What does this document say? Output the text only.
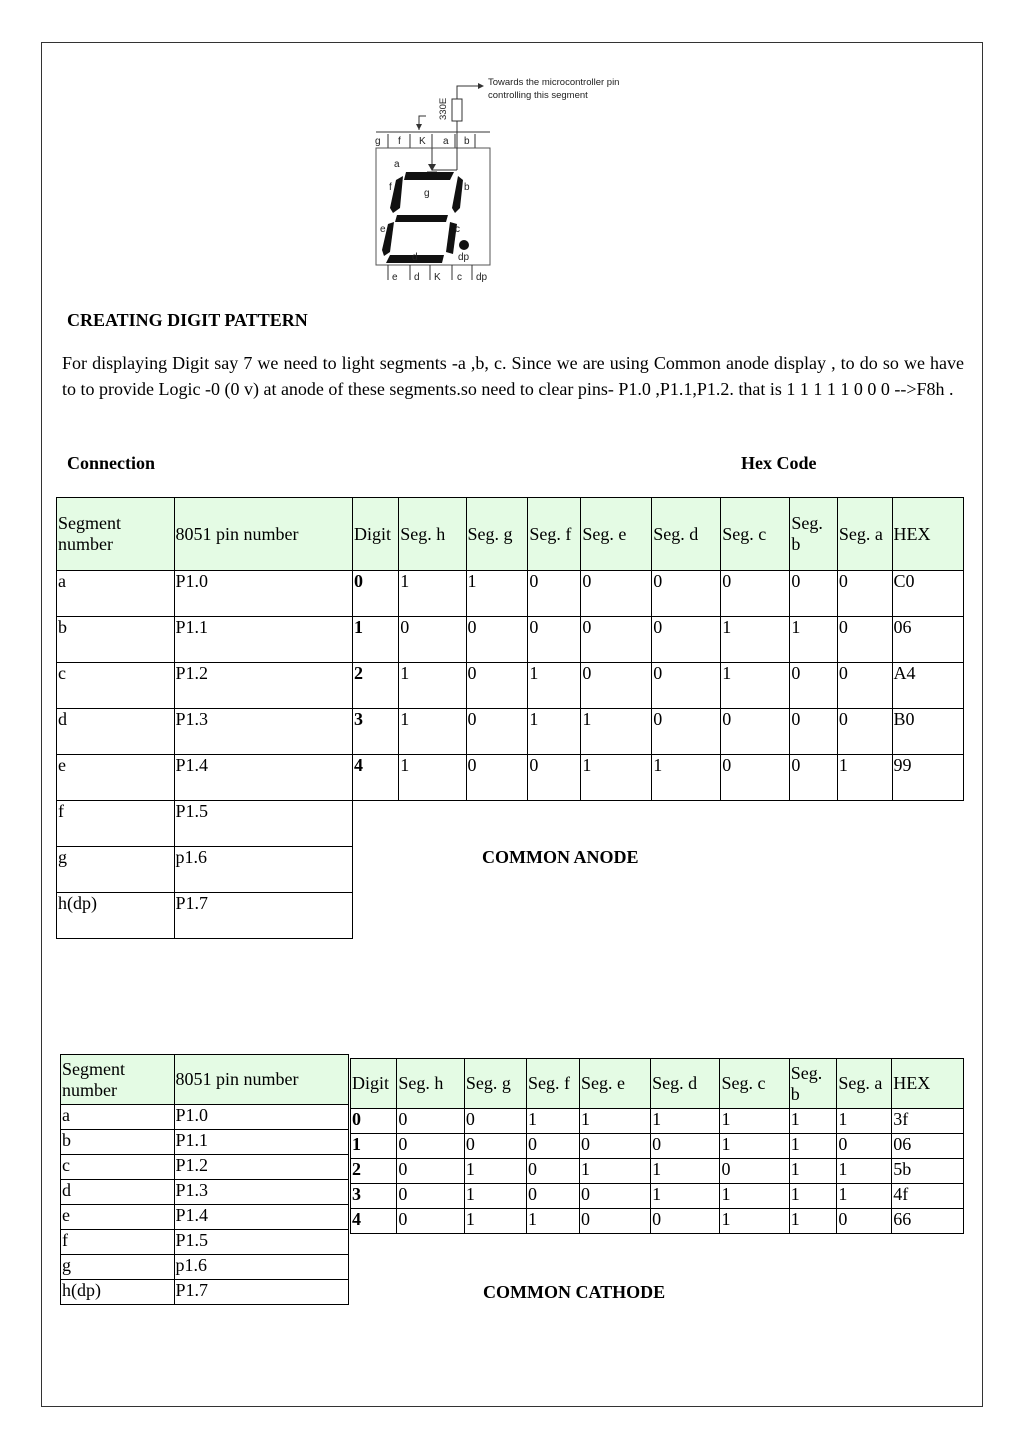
Towards the microcontroller pin
controlling this segment
330E
g f K a b
a
f
g
b
e	c
d	dp
e d K c dp
CREATING DIGIT PATTERN
For displaying Digit say 7 we need to light segments -a ,b, c. Since we are using Common anode display , to do so we have to to provide Logic -0 (0 v) at anode of these segments.so need to clear pins- P1.0 ,P1.1,P1.2. that is 1 1 1 1 1 0 0 0 -->F8h .
Connection	Hex Code
Segment number	8051 pin number
a	P1.0
b	P1.1
c	P1.2
d	P1.3
e	P1.4
f	P1.5
g	p1.6
h(dp)	P1.7
Digit	Seg. h	Seg. g	Seg. f	Seg. e	Seg. d	Seg. c	Seg. b	Seg. a	HEX
0	1	1	0	0	0	0	0	0	C0
1	0	0	0	0	0	1	1	0	06
2	1	0	1	0	0	1	0	0	A4
3	1	0	1	1	0	0	0	0	B0
4	1	0	0	1	1	0	0	1	99
COMMON ANODE
Segment number	8051 pin number
a	P1.0
b	P1.1
c	P1.2
d	P1.3
e	P1.4
f	P1.5
g	p1.6
h(dp)	P1.7
Digit	Seg. h	Seg. g	Seg. f	Seg. e	Seg. d	Seg. c	Seg. b	Seg. a	HEX
0	0	0	1	1	1	1	1	1	3f
1	0	0	0	0	0	1	1	0	06
2	0	1	0	1	1	0	1	1	5b
3	0	1	0	0	1	1	1	1	4f
4	0	1	1	0	0	1	1	0	66
COMMON CATHODE
